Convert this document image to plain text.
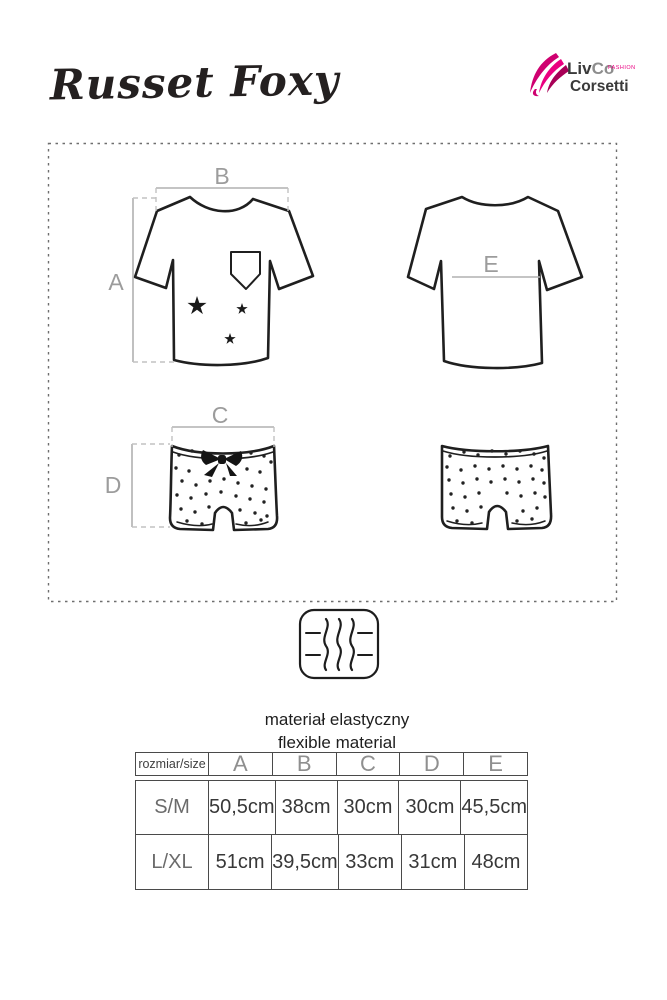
Russet Foxy	LivCo
FASHION
Corsetti
A
B
C
D
E
materiał elastyczny
flexible material
rozmiar/size	A	B	C	D	E
S/M 50,5cm 38cm 30cm 30cm 45,5cm
L/XL	51cm 39,5cm 33cm 31cm 48cm
